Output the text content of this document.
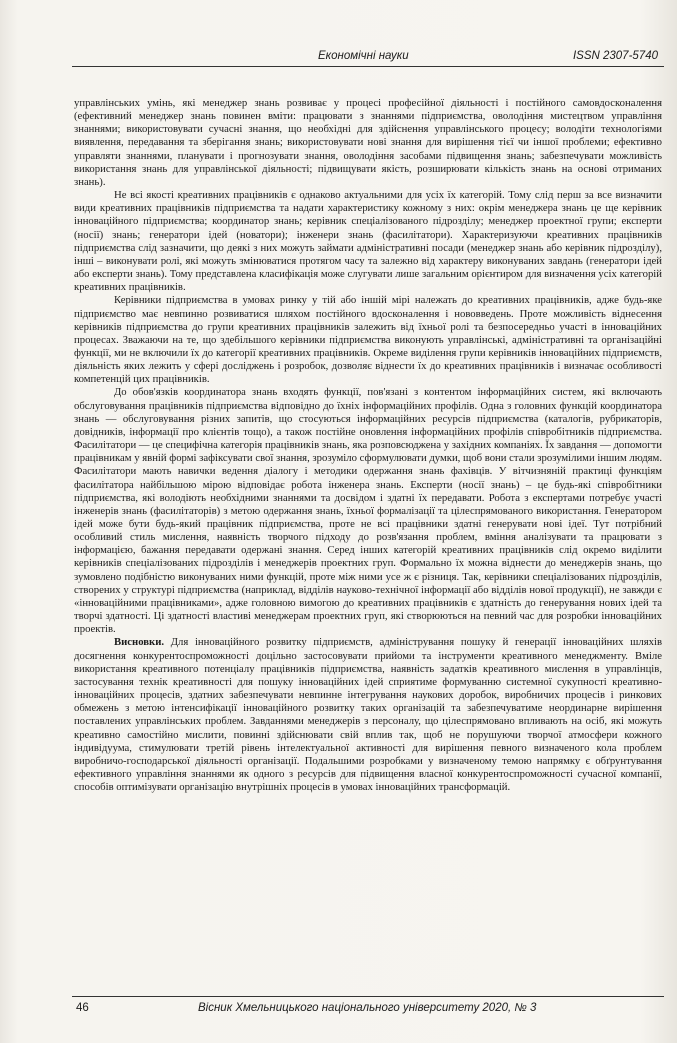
Економічні науки	ISSN 2307-5740

управлінських умінь, які менеджер знань розвиває у процесі професійної діяльності і постійного самовдосконалення (ефективний менеджер знань повинен вміти: працювати з знаннями підприємства, оволодіння мистецтвом управління знаннями; використовувати сучасні знання, що необхідні для здійснення управлінського процесу; володіти технологіями виявлення, передавання та зберігання знань; використовувати нові знання для вирішення тієї чи іншої проблеми; ефективно управляти знаннями, планувати і прогнозувати знання, оволодіння засобами підвищення знань; забезпечувати можливість використання знань для управлінської діяльності; підвищувати якість, розширювати кількість знань на основі отриманих знань).

Не всі якості креативних працівників є однаково актуальними для усіх їх категорій. Тому слід перш за все визначити види креативних працівників підприємства та надати характеристику кожному з них: окрім менеджера знань це ще керівник інноваційного підприємства; координатор знань; керівник спеціалізованого підрозділу; менеджер проектної групи; експерти (носії) знань; генератори ідей (новатори); інженери знань (фасилітатори). Характеризуючи креативних працівників підприємства слід зазначити, що деякі з них можуть займати адміністративні посади (менеджер знань або керівник підрозділу), інші – виконувати ролі, які можуть змінюватися протягом часу та залежно від характеру виконуваних завдань (генератори ідей або експерти знань). Тому представлена класифікація може слугувати лише загальним орієнтиром для визначення усіх категорій креативних працівників.

Керівники підприємства в умовах ринку у тій або іншій мірі належать до креативних працівників, адже будь-яке підприємство має невпинно розвиватися шляхом постійного вдосконалення і нововведень. Проте можливість віднесення керівників підприємства до групи креативних працівників залежить від їхньої ролі та безпосередньо участі в інноваційних процесах. Зважаючи на те, що здебільшого керівники підприємства виконують управлінські, адміністративні та організаційні функції, ми не включили їх до категорії креативних працівників. Окреме виділення групи керівників інноваційних підприємств, діяльність яких лежить у сфері досліджень і розробок, дозволяє віднести їх до креативних працівників і визначає особливості компетенцій цих працівників.

До обов'язків координатора знань входять функції, пов'язані з контентом інформаційних систем, які включають обслуговування працівників підприємства відповідно до їхніх інформаційних профілів. Одна з головних функцій координатора знань — обслуговування різних запитів, що стосуються інформаційних ресурсів підприємства (каталогів, рубрикаторів, довідників, інформації про клієнтів тощо), а також постійне оновлення інформаційних профілів співробітників підприємства. Фасилітатори — це специфічна категорія працівників знань, яка розповсюджена у західних компаніях. Їх завдання — допомогти працівникам у явній формі зафіксувати свої знання, зрозуміло сформулювати думки, щоб вони стали зрозумілими іншим людям. Фасилітатори мають навички ведення діалогу і методики одержання знань фахівців. У вітчизняній практиці функціям фасилітатора найбільшою мірою відповідає робота інженера знань. Експерти (носії знань) – це будь-які співробітники підприємства, які володіють необхідними знаннями та досвідом і здатні їх передавати. Робота з експертами потребує участі інженерів знань (фасилітаторів) з метою одержання знань, їхньої формалізації та цілеспрямованого використання. Генератором ідей може бути будь-який працівник підприємства, проте не всі працівники здатні генерувати нові ідеї. Тут потрібний особливий стиль мислення, наявність творчого підходу до розв'язання проблем, вміння аналізувати та працювати з інформацією, бажання передавати одержані знання. Серед інших категорій креативних працівників слід окремо виділити керівників спеціалізованих підрозділів і менеджерів проектних груп. Формально їх можна віднести до менеджерів знань, що зумовлено подібністю виконуваних ними функцій, проте між ними усе ж є різниця. Так, керівники спеціалізованих підрозділів, створених у структурі підприємства (наприклад, відділів науково-технічної інформації або відділів нової продукції), не завжди є «інноваційними працівниками», адже головною вимогою до креативних працівників є здатність до генерування нових ідей та творчі здатності. Ці здатності властиві менеджерам проектних груп, які створюються на певний час для розробки інноваційних проектів.

Висновки. Для інноваційного розвитку підприємств, адміністрування пошуку й генерації інноваційних шляхів досягнення конкурентоспроможності доцільно застосовувати прийоми та інструменти креативного менеджменту. Вміле використання креативного потенціалу працівників підприємства, наявність задатків креативного мислення в управлінців, застосування технік креативності для пошуку інноваційних ідей сприятиме формуванню системної сукупності креативно-інноваційних процесів, здатних забезпечувати невпинне інтегрування наукових доробок, виробничих процесів і ринкових обмежень з метою інтенсифікації інноваційного розвитку таких організацій та забезпечуватиме неординарне вирішення поставлених управлінських проблем. Завданнями менеджерів з персоналу, що цілеспрямовано впливають на осіб, які можуть креативно самостійно мислити, повинні здійснювати свій вплив так, щоб не порушуючи творчої атмосфери кожного індивідуума, стимулювати третій рівень інтелектуальної активності для вирішення певного визначеного кола проблем виробничо-господарської діяльності організації. Подальшими розробками у визначеному темою напрямку є обґрунтування ефективного управління знаннями як одного з ресурсів для підвищення власної конкурентоспроможності сучасної компанії, способів оптимізувати організацію внутрішніх процесів в умовах інноваційних трансформацій.

46	Вісник Хмельницького національного університету 2020, № 3
